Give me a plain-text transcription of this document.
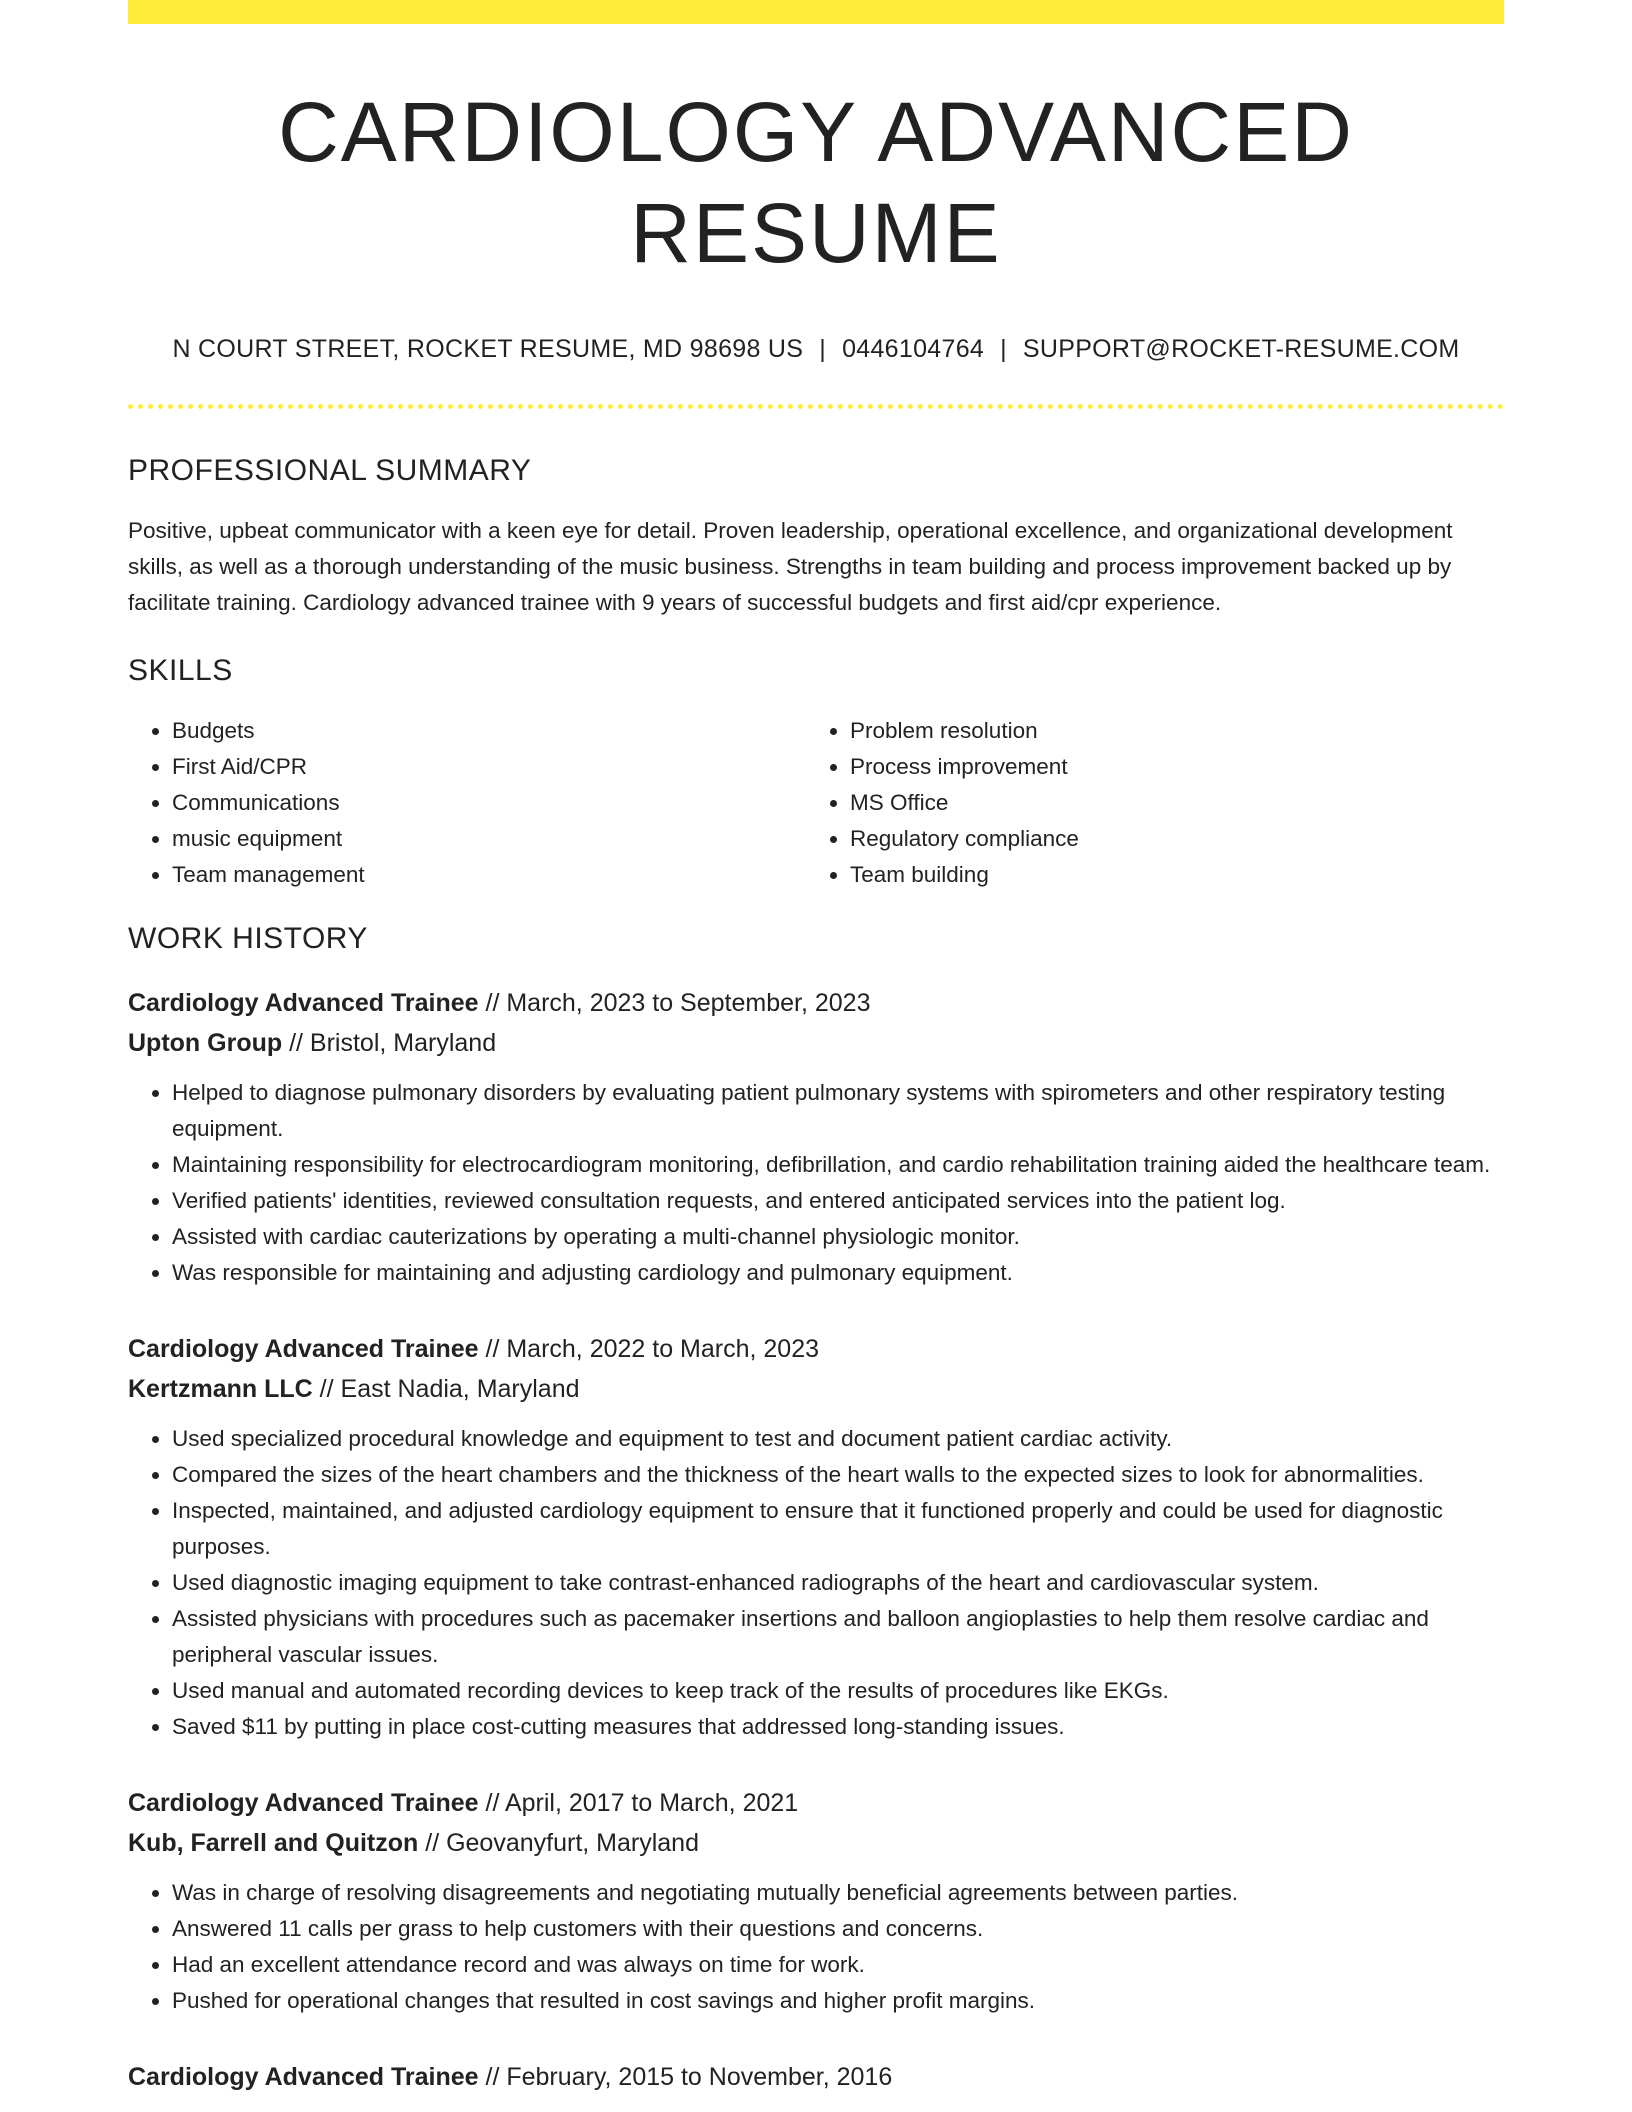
CARDIOLOGY ADVANCED RESUME
N COURT STREET, ROCKET RESUME, MD 98698 US | 0446104764 | SUPPORT@ROCKET-RESUME.COM
PROFESSIONAL SUMMARY

Positive, upbeat communicator with a keen eye for detail. Proven leadership, operational excellence, and organizational development skills, as well as a thorough understanding of the music business. Strengths in team building and process improvement backed up by facilitate training. Cardiology advanced trainee with 9 years of successful budgets and first aid/cpr experience.

SKILLS
• Budgets
• First Aid/CPR
• Communications
• music equipment
• Team management
• Problem resolution
• Process improvement
• MS Office
• Regulatory compliance
• Team building
WORK HISTORY
Cardiology Advanced Trainee // March, 2023 to September, 2023
Upton Group // Bristol, Maryland
• Helped to diagnose pulmonary disorders by evaluating patient pulmonary systems with spirometers and other respiratory testing equipment.
• Maintaining responsibility for electrocardiogram monitoring, defibrillation, and cardio rehabilitation training aided the healthcare team.
• Verified patients' identities, reviewed consultation requests, and entered anticipated services into the patient log.
• Assisted with cardiac cauterizations by operating a multi-channel physiologic monitor.
• Was responsible for maintaining and adjusting cardiology and pulmonary equipment.
Cardiology Advanced Trainee // March, 2022 to March, 2023
Kertzmann LLC // East Nadia, Maryland
• Used specialized procedural knowledge and equipment to test and document patient cardiac activity.
• Compared the sizes of the heart chambers and the thickness of the heart walls to the expected sizes to look for abnormalities.
• Inspected, maintained, and adjusted cardiology equipment to ensure that it functioned properly and could be used for diagnostic purposes.
• Used diagnostic imaging equipment to take contrast-enhanced radiographs of the heart and cardiovascular system.
• Assisted physicians with procedures such as pacemaker insertions and balloon angioplasties to help them resolve cardiac and peripheral vascular issues.
• Used manual and automated recording devices to keep track of the results of procedures like EKGs.
• Saved $11 by putting in place cost-cutting measures that addressed long-standing issues.
Cardiology Advanced Trainee // April, 2017 to March, 2021
Kub, Farrell and Quitzon // Geovanyfurt, Maryland
• Was in charge of resolving disagreements and negotiating mutually beneficial agreements between parties.
• Answered 11 calls per grass to help customers with their questions and concerns.
• Had an excellent attendance record and was always on time for work.
• Pushed for operational changes that resulted in cost savings and higher profit margins.
Cardiology Advanced Trainee // February, 2015 to November, 2016
